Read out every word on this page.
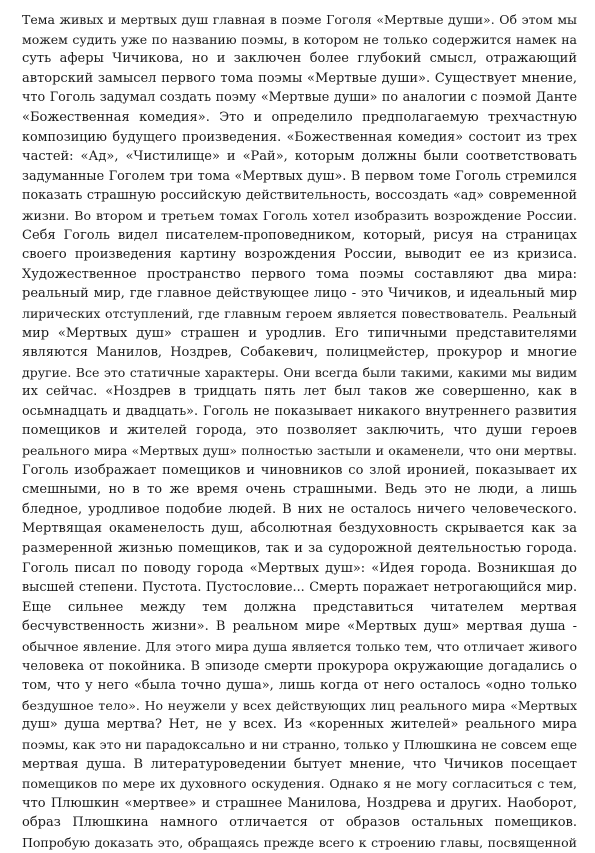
Тема живых и мертвых душ главная в поэме Гоголя «Мертвые души». Об этом мы
можем судить уже по названию поэмы, в котором не только содержится намек на
суть аферы Чичикова, но и заключен более глубокий смысл, отражающий
авторский замысел первого тома поэмы «Мертвые души». Существует мнение,
что Гоголь задумал создать поэму «Мертвые души» по аналогии с поэмой Данте
«Божественная комедия». Это и определило предполагаемую трехчастную
композицию будущего произведения. «Божественная комедия» состоит из трех
частей: «Ад», «Чистилище» и «Рай», которым должны были соответствовать
задуманные Гоголем три тома «Мертвых душ». В первом томе Гоголь стремился
показать страшную российскую действительность, воссоздать «ад» современной
жизни. Во втором и третьем томах Гоголь хотел изобразить возрождение России.
Себя Гоголь видел писателем-проповедником, который, рисуя на страницах
своего произведения картину возрождения России, выводит ее из кризиса.
Художественное пространство первого тома поэмы составляют два мира:
реальный мир, где главное действующее лицо - это Чичиков, и идеальный мир
лирических отступлений, где главным героем является повествователь. Реальный
мир «Мертвых душ» страшен и уродлив. Его типичными представителями
являются Манилов, Ноздрев, Собакевич, полицмейстер, прокурор и многие
другие. Все это статичные характеры. Они всегда были такими, какими мы видим
их сейчас. «Ноздрев в тридцать пять лет был таков же совершенно, как в
осьмнадцать и двадцать». Гоголь не показывает никакого внутреннего развития
помещиков и жителей города, это позволяет заключить, что души героев
реального мира «Мертвых душ» полностью застыли и окаменели, что они мертвы.
Гоголь изображает помещиков и чиновников со злой иронией, показывает их
смешными, но в то же время очень страшными. Ведь это не люди, а лишь
бледное, уродливое подобие людей. В них не осталось ничего человеческого.
Мертвящая окаменелость душ, абсолютная бездуховность скрывается как за
размеренной жизнью помещиков, так и за судорожной деятельностью города.
Гоголь писал по поводу города «Мертвых душ»: «Идея города. Возникшая до
высшей степени. Пустота. Пустословие... Смерть поражает нетрогающийся мир.
Еще сильнее между тем должна представиться читателем мертвая
бесчувственность жизни». В реальном мире «Мертвых душ» мертвая душа -
обычное явление. Для этого мира душа является только тем, что отличает живого
человека от покойника. В эпизоде смерти прокурора окружающие догадались о
том, что у него «была точно душа», лишь когда от него осталось «одно только
бездушное тело». Но неужели у всех действующих лиц реального мира «Мертвых
душ» душа мертва? Нет, не у всех. Из «коренных жителей» реального мира
поэмы, как это ни парадоксально и ни странно, только у Плюшкина не совсем еще
мертвая душа. В литературоведении бытует мнение, что Чичиков посещает
помещиков по мере их духовного оскудения. Однако я не могу согласиться с тем,
что Плюшкин «мертвее» и страшнее Манилова, Ноздрева и других. Наоборот,
образ Плюшкина намного отличается от образов остальных помещиков.
Попробую доказать это, обращаясь прежде всего к строению главы, посвященной
